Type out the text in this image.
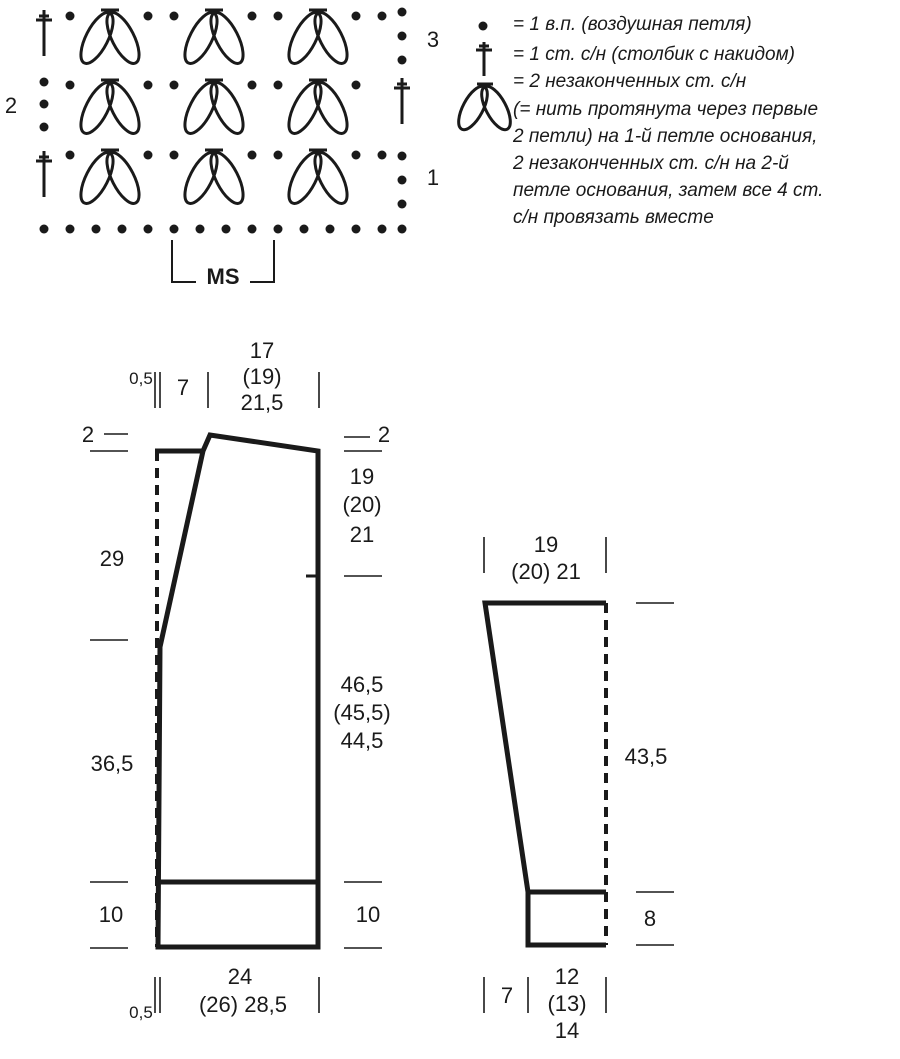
3
2
1
MS
= 1 в.п. (воздушная петля)
= 1 ст. с/н (столбик с накидом)
= 2 незаконченных ст. с/н
(= нить протянута через первые
2 петли) на 1-й петле основания,
2 незаконченных ст. с/н на 2-й
петле основания, затем все 4 ст.
с/н провязать вместе
0,5 7
17
(19)
21,5
2	2
19
(20)
21
29
46,5
(45,5)
44,5
36,5
10	10
24
(26) 28,5
0,5
19
(20) 21
43,5
8
7
12
(13)
14
